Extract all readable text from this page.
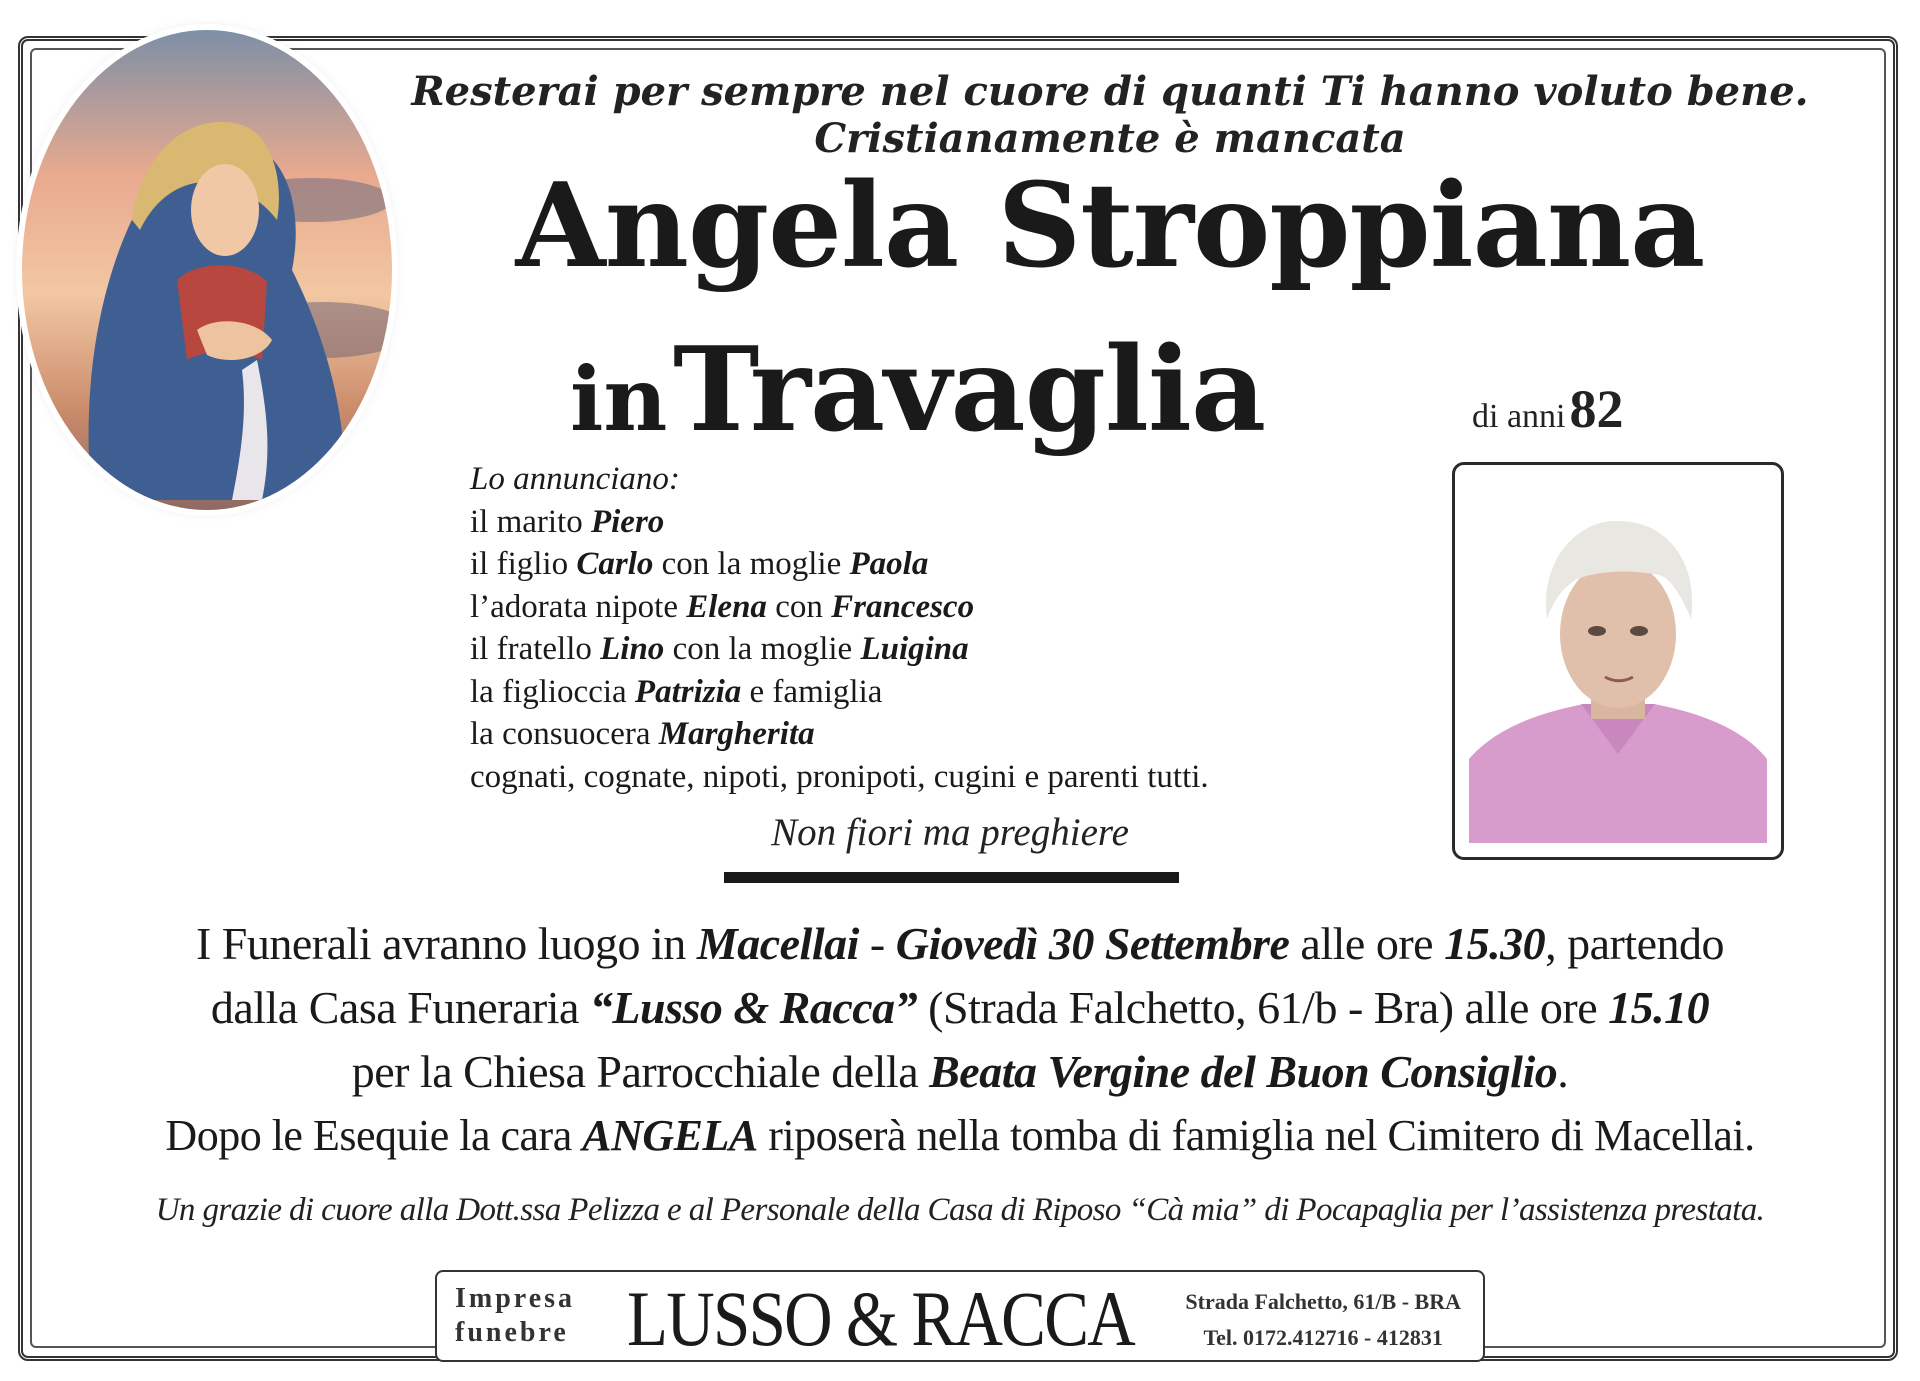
Resterai per sempre nel cuore di quanti Ti hanno voluto bene.
Cristianamente è mancata
Angela Stroppiana
in Travaglia	di anni 82
Lo annunciano:
il marito Piero
il figlio Carlo con la moglie Paola
l’adorata nipote Elena con Francesco
il fratello Lino con la moglie Luigina
la figlioccia Patrizia e famiglia
la consuocera Margherita
cognati, cognate, nipoti, pronipoti, cugini e parenti tutti.
Non fiori ma preghiere
I Funerali avranno luogo in Macellai - Giovedì 30 Settembre alle ore 15.30, partendo
dalla Casa Funeraria “Lusso & Racca” (Strada Falchetto, 61/b - Bra) alle ore 15.10
per la Chiesa Parrocchiale della Beata Vergine del Buon Consiglio.
Dopo le Esequie la cara ANGELA riposerà nella tomba di famiglia nel Cimitero di Macellai.
Un grazie di cuore alla Dott.ssa Pelizza e al Personale della Casa di Riposo “Cà mia” di Pocapaglia per l’assistenza prestata.
Impresa
funebre LUSSO & RACCA Strada Falchetto, 61/B - BRA
Tel. 0172.412716 - 412831
